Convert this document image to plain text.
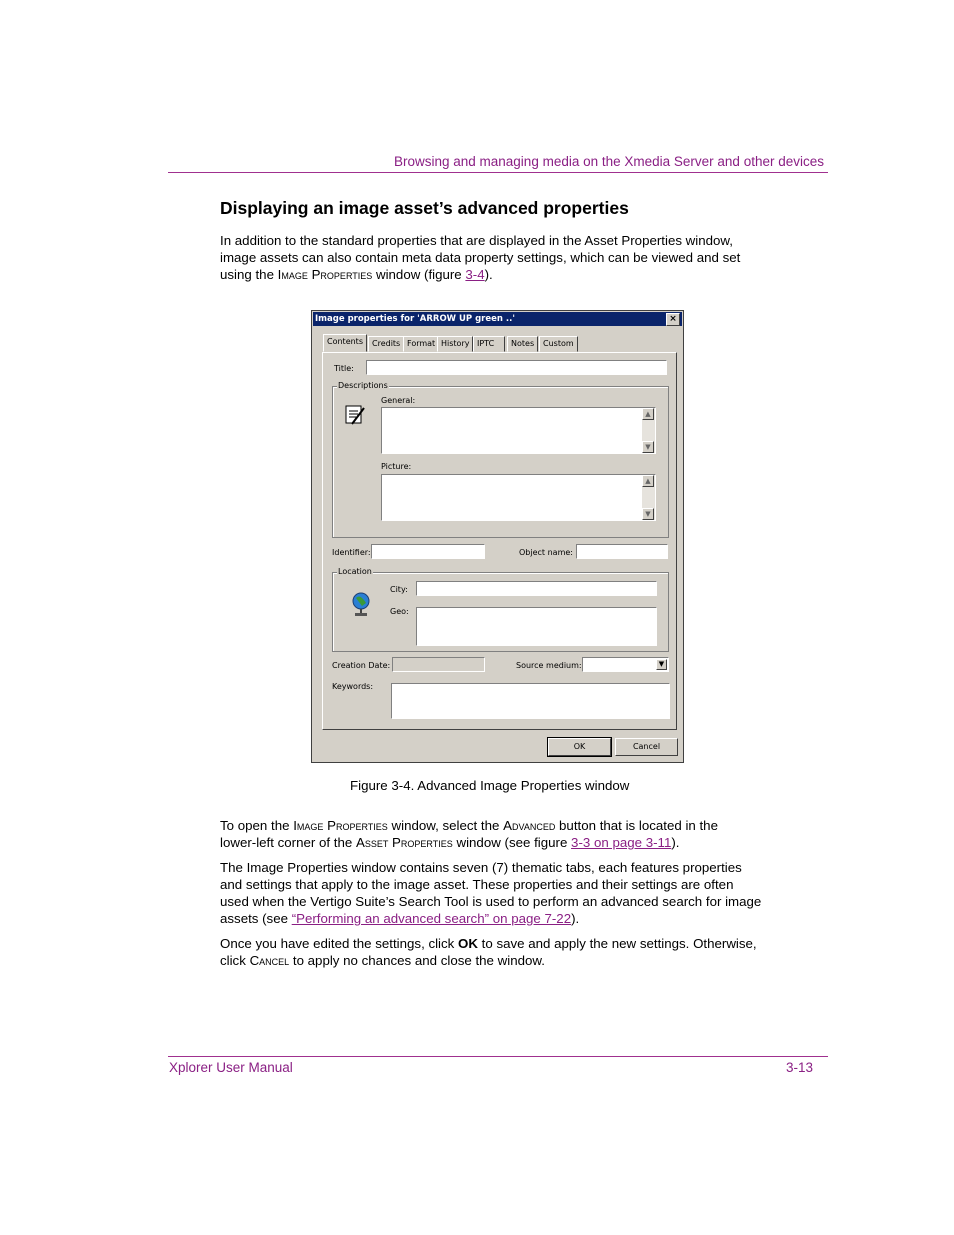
Browsing and managing media on the Xmedia Server and other devices
Displaying an image asset’s advanced properties
In addition to the standard properties that are displayed in the Asset Properties window,
image assets can also contain meta data property settings, which can be viewed and set
using the Image Properties window (figure 3-4).
Image properties for 'ARROW UP green ..'	×
Contents	Credits Format History IPTC	Notes	Custom
Title:
Descriptions
General:
▲
▼
Picture:
▲
▼
Identifier:	Object name:
Location
City:
Geo:
Creation Date:	Source medium:	▼
Keywords:
OK	Cancel
Figure 3-4. Advanced Image Properties window
To open the Image Properties window, select the Advanced button that is located in the
lower-left corner of the Asset Properties window (see figure 3-3 on page 3-11).
The Image Properties window contains seven (7) thematic tabs, each features properties
and settings that apply to the image asset. These properties and their settings are often
used when the Vertigo Suite’s Search Tool is used to perform an advanced search for image
assets (see “Performing an advanced search” on page 7-22).
Once you have edited the settings, click OK to save and apply the new settings. Otherwise,
click Cancel to apply no chances and close the window.
Xplorer User Manual	3-13
